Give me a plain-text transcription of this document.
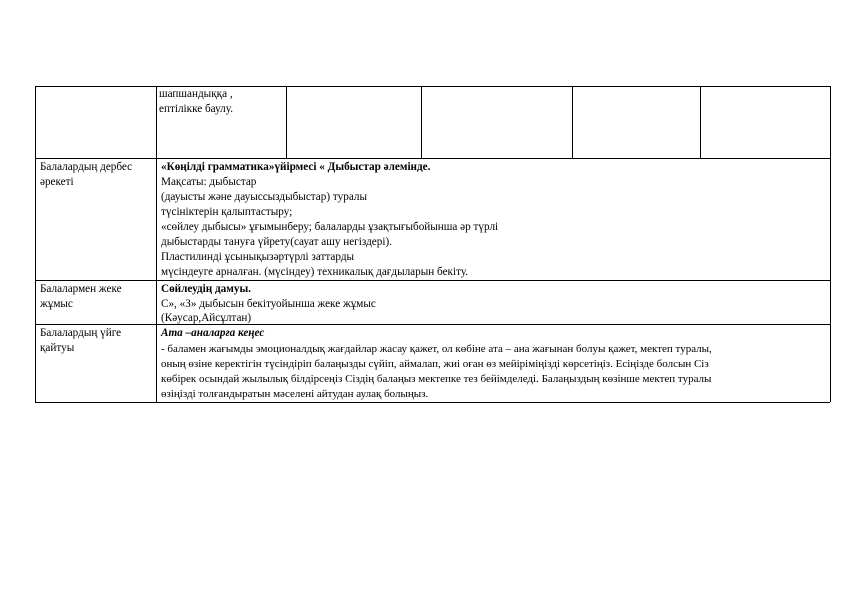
шапшандыққа ,
ептілікке баулу.
Балалардың дербес
әрекеті
«Көңілді грамматика»үйірмесі « Дыбыстар әлемінде.
Мақсаты: дыбыстар
(дауысты және дауыссыздыбыстар) туралы
түсініктерін қалыптастыру;
«сөйлеу дыбысы» ұғымынберу; балаларды ұзақтығыбойынша әр түрлі
дыбыстарды тануға үйрету(сауат ашу негіздері).
Пластилинді ұсынықызәртүрлі заттарды
мүсіндеуге арналған. (мүсіндеу) техникалық дағдыларын бекіту.
Балалармен жеке
жұмыс
Сөйлеудің дамуы.
С», «З» дыбысын бекітуойынша жеке жұмыс
(Кәусар,Айсұлтан)
Балалардың үйге
қайтуы
Ата –аналарға кеңес
- баламен жағымды эмоционалдық жағдайлар жасау қажет, ол көбіне ата – ана жағынан болуы қажет, мектеп туралы,
оның өзіне керектігін түсіндіріп балаңызды сүйіп, аймалап, жиі оған өз мейіріміңізді көрсетіңіз. Есіңізде болсын Сіз
көбірек осындай жылылық білдірсеңіз Сіздің балаңыз мектепке тез бейімделеді. Балаңыздың көзінше мектеп туралы
өзіңізді толғандыратын мәселені айтудан аулақ болыңыз.
